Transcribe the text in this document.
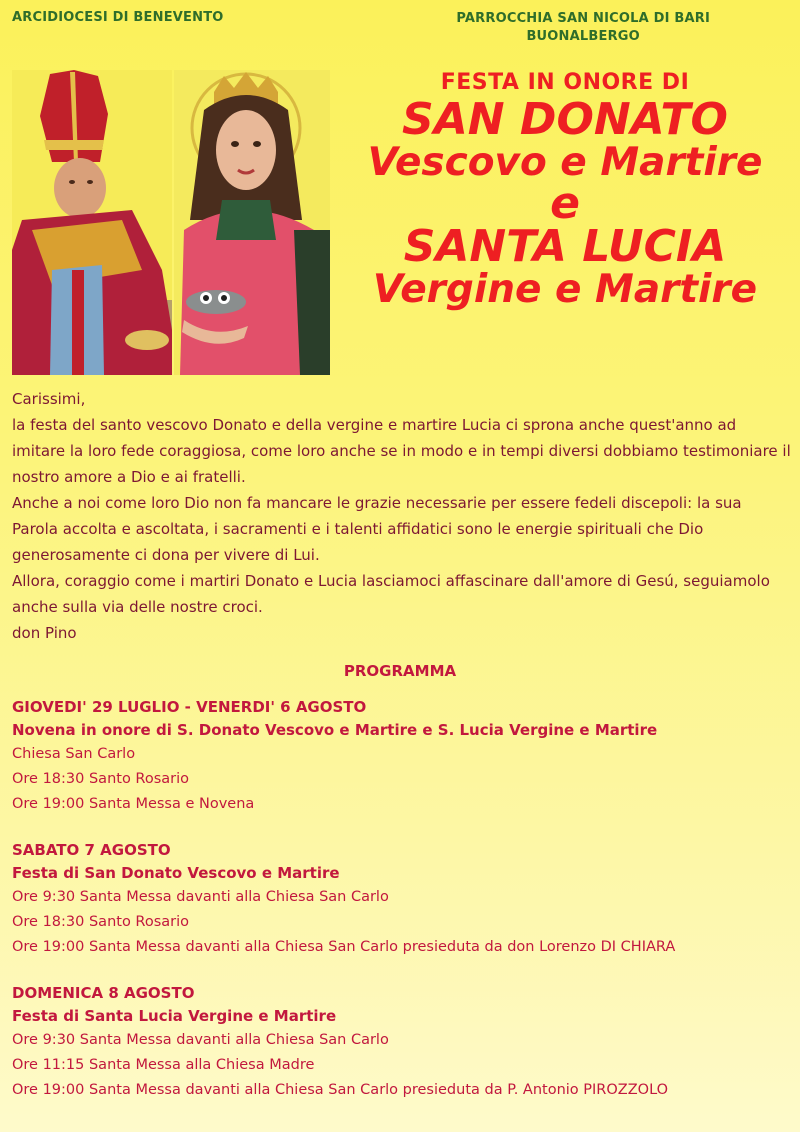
ARCIDIOCESI DI BENEVENTO	PARROCCHIA SAN NICOLA DI BARI
BUONALBERGO
FESTA IN ONORE DI
SAN DONATO
Vescovo e Martire
e
SANTA LUCIA
Vergine e Martire

Carissimi,

la festa del santo vescovo Donato e della vergine e martire Lucia ci sprona anche quest'anno ad imitare la loro fede coraggiosa, come loro anche se in modo e in tempi diversi dobbiamo testimoniare il nostro amore a Dio e ai fratelli.

Anche a noi come loro Dio non fa mancare le grazie necessarie per essere fedeli discepoli: la sua Parola accolta e ascoltata, i sacramenti e i talenti affidatici sono le energie spirituali che Dio generosamente ci dona per vivere di Lui.

Allora, coraggio come i martiri Donato e Lucia lasciamoci affascinare dall'amore di Gesú, seguiamolo anche sulla via delle nostre croci.

don Pino

PROGRAMMA
GIOVEDI' 29 LUGLIO - VENERDI' 6 AGOSTO
Novena in onore di S. Donato Vescovo e Martire e S. Lucia Vergine e Martire
Chiesa San Carlo
Ore 18:30 Santo Rosario
Ore 19:00 Santa Messa e Novena
SABATO 7 AGOSTO
Festa di San Donato Vescovo e Martire
Ore 9:30 Santa Messa davanti alla Chiesa San Carlo
Ore 18:30 Santo Rosario
Ore 19:00 Santa Messa davanti alla Chiesa San Carlo presieduta da don Lorenzo DI CHIARA
DOMENICA 8 AGOSTO
Festa di Santa Lucia Vergine e Martire
Ore 9:30 Santa Messa davanti alla Chiesa San Carlo
Ore 11:15 Santa Messa alla Chiesa Madre
Ore 19:00 Santa Messa davanti alla Chiesa San Carlo presieduta da P. Antonio PIROZZOLO
